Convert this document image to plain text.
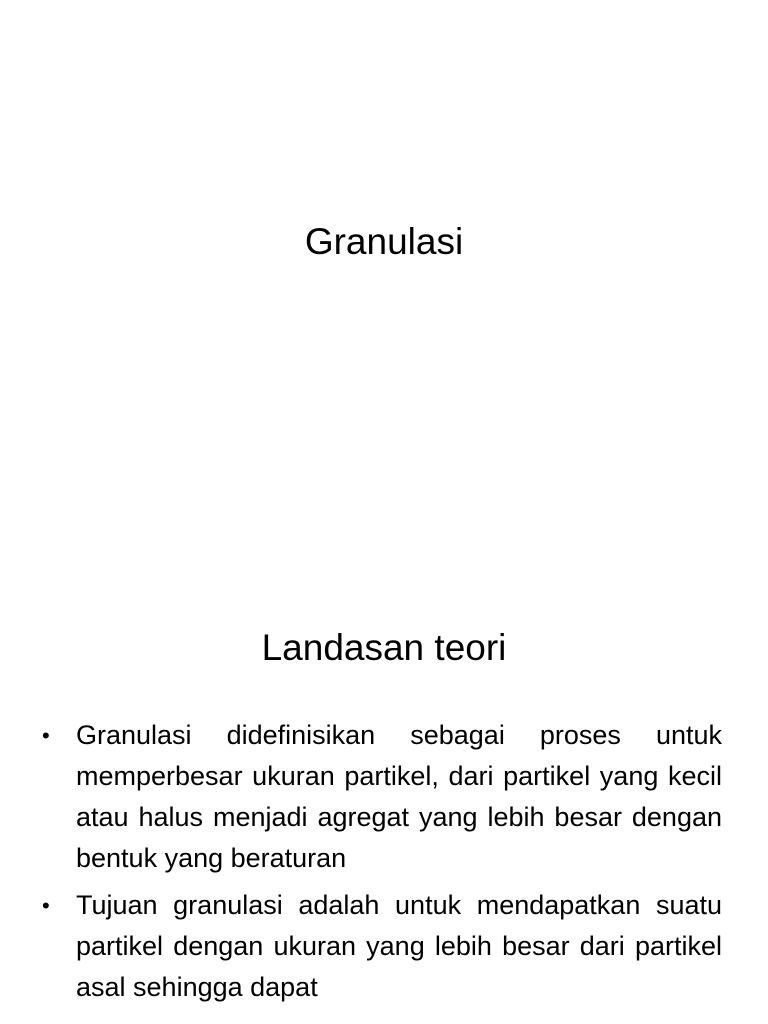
Granulasi
Landasan teori
• Granulasi didefinisikan sebagai proses untuk memperbesar ukuran partikel, dari partikel yang kecil atau halus menjadi agregat yang lebih besar dengan bentuk yang beraturan
• Tujuan granulasi adalah untuk mendapatkan suatu partikel dengan ukuran yang lebih besar dari partikel asal sehingga dapat
